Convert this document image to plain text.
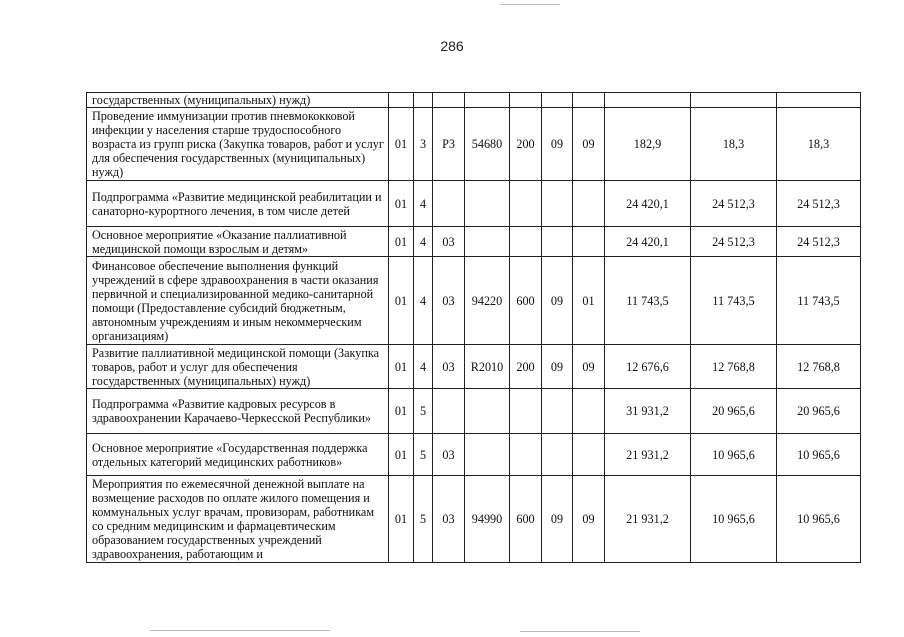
286
государственных (муниципальных) нужд)										
Проведение иммунизации против пневмококковой инфекции у населения старше трудоспособного возраста из групп риска (Закупка товаров, работ и услуг для обеспечения государственных (муниципальных) нужд)	01	3	Р3	54680	200	09	09	182,9	18,3	18,3
Подпрограмма «Развитие медицинской реабилитации и санаторно-курортного лечения, в том числе детей	01	4						24 420,1	24 512,3	24 512,3
Основное мероприятие «Оказание паллиативной медицинской помощи взрослым и детям»	01	4	03					24 420,1	24 512,3	24 512,3
Финансовое обеспечение выполнения функций учреждений в сфере здравоохранения в части оказания первичной и специализированной медико-санитарной помощи (Предоставление субсидий бюджетным, автономным учреждениям и иным некоммерческим организациям)	01	4	03	94220	600	09	01	11 743,5	11 743,5	11 743,5
Развитие паллиативной медицинской помощи (Закупка товаров, работ и услуг для обеспечения государственных (муниципальных) нужд)	01	4	03	R2010	200	09	09	12 676,6	12 768,8	12 768,8
Подпрограмма «Развитие кадровых ресурсов в здравоохранении Карачаево-Черкесской Республики»	01	5						31 931,2	20 965,6	20 965,6
Основное мероприятие «Государственная поддержка отдельных категорий медицинских работников»	01	5	03					21 931,2	10 965,6	10 965,6
Мероприятия по ежемесячной денежной выплате на возмещение расходов по оплате жилого помещения и коммунальных услуг врачам, провизорам, работникам со средним медицинским и фармацевтическим образованием государственных учреждений здравоохранения, работающим и	01	5	03	94990	600	09	09	21 931,2	10 965,6	10 965,6
